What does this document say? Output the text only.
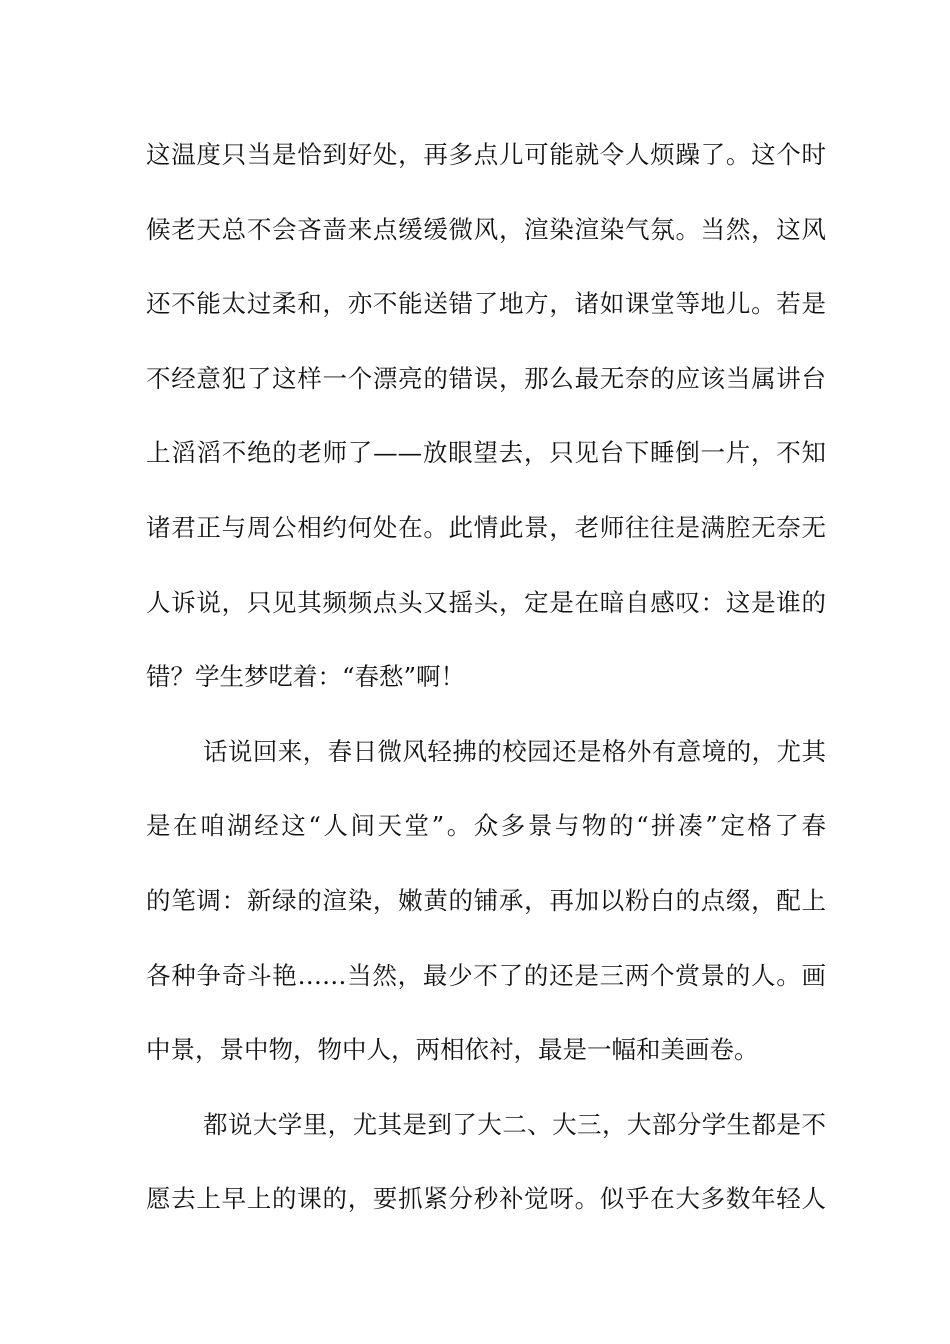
这温度只当是恰到好处，再多点儿可能就令人烦躁了。这个时
候老天总不会吝啬来点缓缓微风，渲染渲染气氛。当然，这风
还不能太过柔和，亦不能送错了地方，诸如课堂等地儿。若是
不经意犯了这样一个漂亮的错误，那么最无奈的应该当属讲台
上滔滔不绝的老师了——放眼望去，只见台下睡倒一片，不知
诸君正与周公相约何处在。此情此景，老师往往是满腔无奈无
人诉说，只见其频频点头又摇头，定是在暗自感叹：这是谁的
错？学生梦呓着：“春愁”啊！
话说回来，春日微风轻拂的校园还是格外有意境的，尤其
是在咱湖经这“人间天堂”。众多景与物的“拼凑”定格了春
的笔调：新绿的渲染，嫩黄的铺承，再加以粉白的点缀，配上
各种争奇斗艳……当然，最少不了的还是三两个赏景的人。画
中景，景中物，物中人，两相依衬，最是一幅和美画卷。
都说大学里，尤其是到了大二、大三，大部分学生都是不
愿去上早上的课的，要抓紧分秒补觉呀。似乎在大多数年轻人
